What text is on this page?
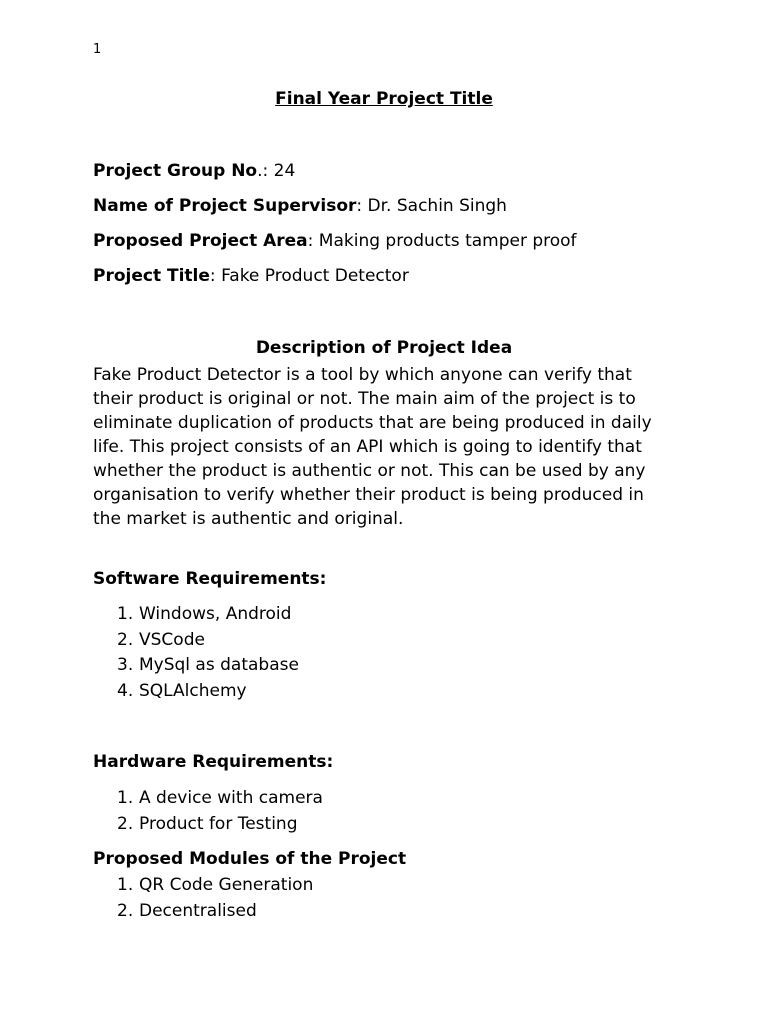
1
Final Year Project Title
Project Group No.: 24
Name of Project Supervisor: Dr. Sachin Singh
Proposed Project Area: Making products tamper proof
Project Title: Fake Product Detector
Description of Project Idea

Fake Product Detector is a tool by which anyone can verify that their product is original or not. The main aim of the project is to eliminate duplication of products that are being produced in daily life. This project consists of an API which is going to identify that whether the product is authentic or not. This can be used by any organisation to verify whether their product is being produced in the market is authentic and original.

Software Requirements:
1. Windows, Android
2. VSCode
3. MySql as database
4. SQLAlchemy
Hardware Requirements:
1. A device with camera
2. Product for Testing
Proposed Modules of the Project
1. QR Code Generation
2. Decentralised
